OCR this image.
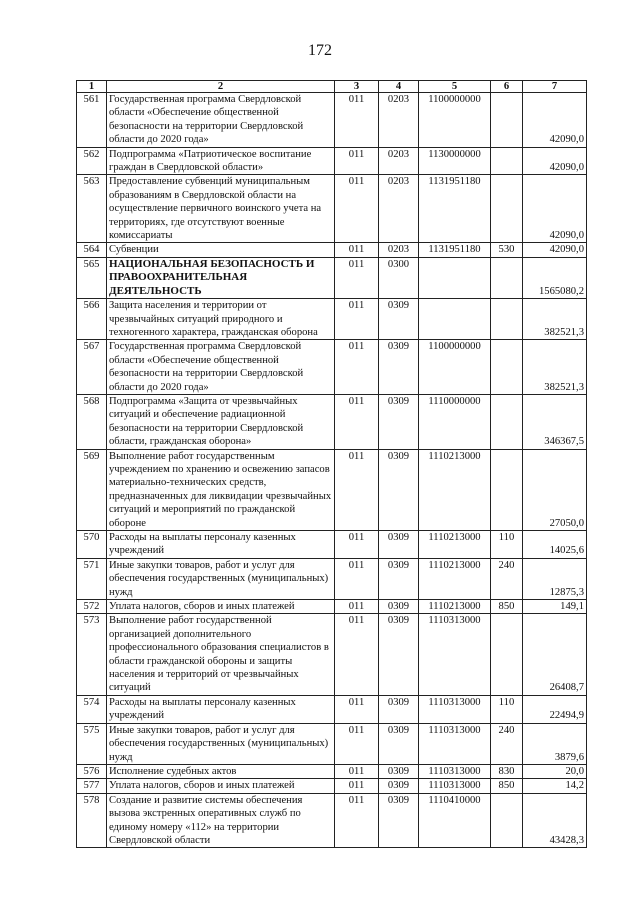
172
1	2	3	4	5	6	7
561	Государственная программа Свердловской области «Обеспечение общественной безопасности на территории Свердловской области до 2020 года»	011	0203	1100000000		42090,0
562	Подпрограмма «Патриотическое воспитание граждан в Свердловской области»	011	0203	1130000000		42090,0
563	Предоставление субвенций муниципальным образованиям в Свердловской области на осуществление первичного воинского учета на территориях, где отсутствуют военные комиссариаты	011	0203	1131951180		42090,0
564	Субвенции	011	0203	1131951180	530	42090,0
565	НАЦИОНАЛЬНАЯ БЕЗОПАСНОСТЬ И ПРАВООХРАНИТЕЛЬНАЯ ДЕЯТЕЛЬНОСТЬ	011	0300			1565080,2
566	Защита населения и территории от чрезвычайных ситуаций природного и техногенного характера, гражданская оборона	011	0309			382521,3
567	Государственная программа Свердловской области «Обеспечение общественной безопасности на территории Свердловской области до 2020 года»	011	0309	1100000000		382521,3
568	Подпрограмма «Защита от чрезвычайных ситуаций и обеспечение радиационной безопасности на территории Свердловской области, гражданская оборона»	011	0309	1110000000		346367,5
569	Выполнение работ государственным учреждением по хранению и освежению запасов материально-технических средств, предназначенных для ликвидации чрезвычайных ситуаций и мероприятий по гражданской обороне	011	0309	1110213000		27050,0
570	Расходы на выплаты персоналу казенных учреждений	011	0309	1110213000	110	14025,6
571	Иные закупки товаров, работ и услуг для обеспечения государственных (муниципальных) нужд	011	0309	1110213000	240	12875,3
572	Уплата налогов, сборов и иных платежей	011	0309	1110213000	850	149,1
573	Выполнение работ государственной организацией дополнительного профессионального образования специалистов в области гражданской обороны и защиты населения и территорий от чрезвычайных ситуаций	011	0309	1110313000		26408,7
574	Расходы на выплаты персоналу казенных учреждений	011	0309	1110313000	110	22494,9
575	Иные закупки товаров, работ и услуг для обеспечения государственных (муниципальных) нужд	011	0309	1110313000	240	3879,6
576	Исполнение судебных актов	011	0309	1110313000	830	20,0
577	Уплата налогов, сборов и иных платежей	011	0309	1110313000	850	14,2
578	Создание и развитие системы обеспечения вызова экстренных оперативных служб по единому номеру «112» на территории Свердловской области	011	0309	1110410000		43428,3
